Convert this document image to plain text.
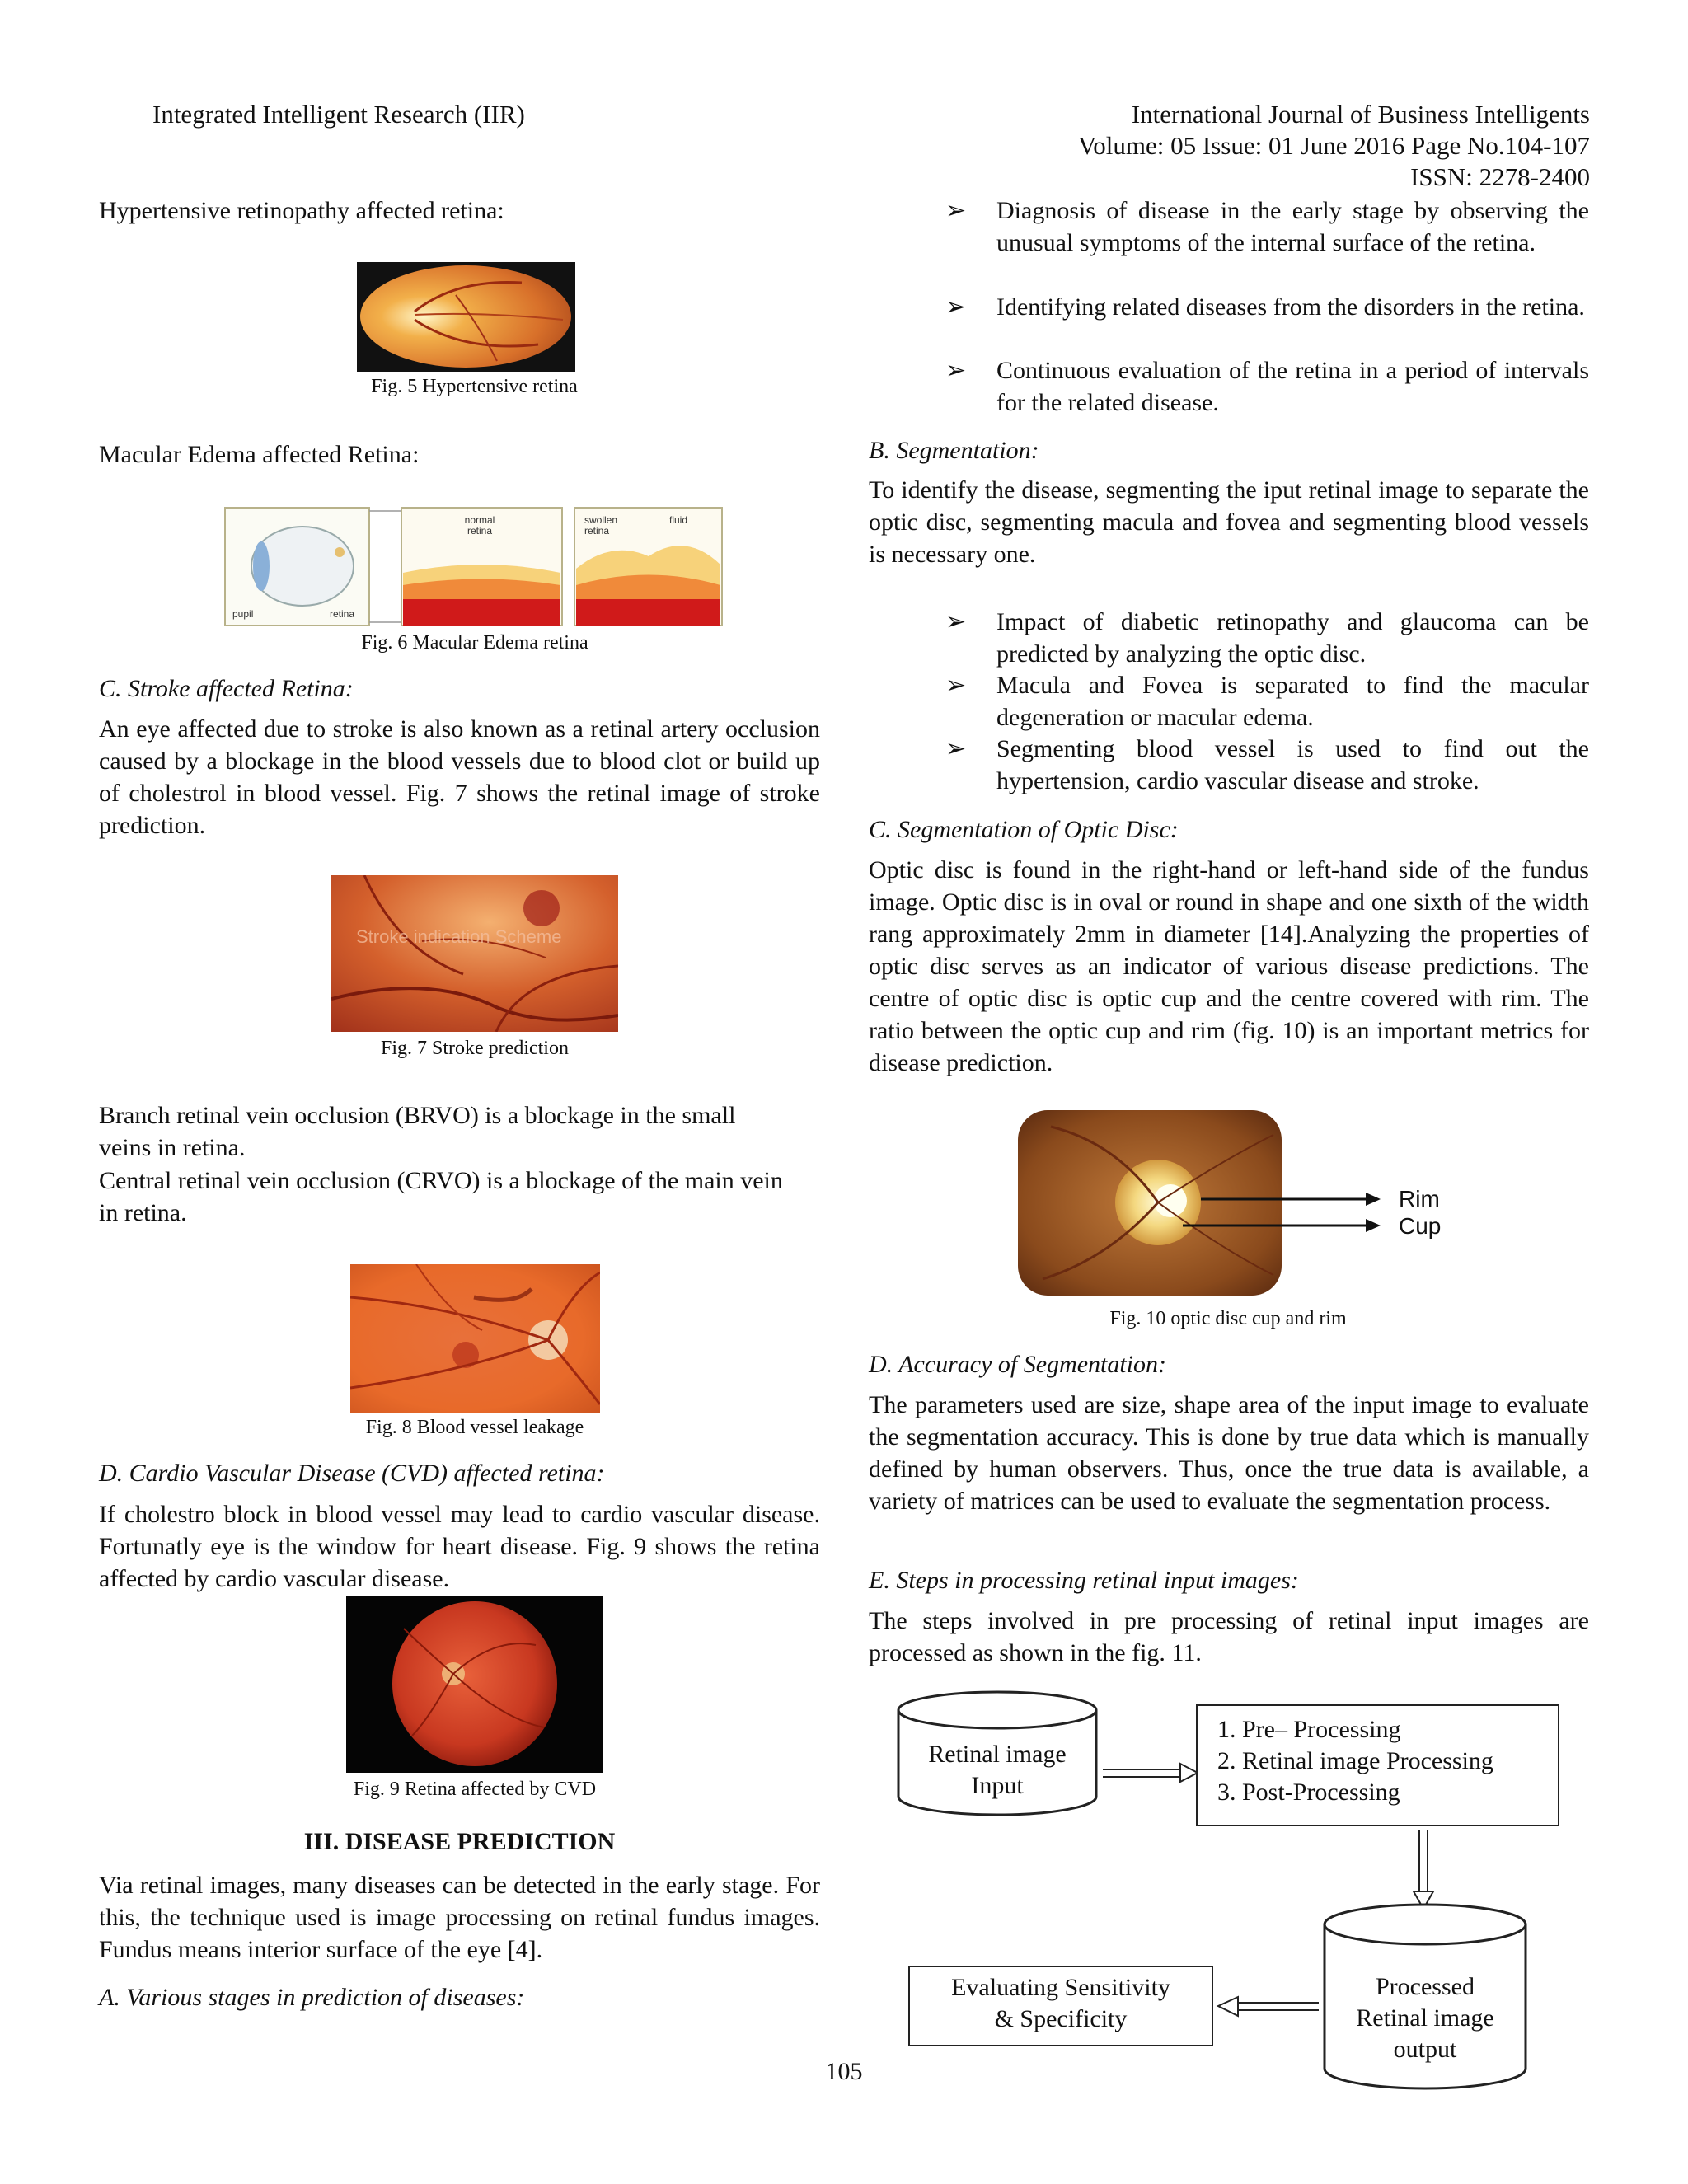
Integrated Intelligent Research (IIR)	International Journal of Business Intelligents
Volume: 05 Issue: 01 June 2016 Page No.104-107
ISSN: 2278-2400
Hypertensive retinopathy affected retina:
Fig. 5 Hypertensive retina
Macular Edema affected Retina:
pupil	retina
normal
retina
swollen
retina
fluid
Fig. 6 Macular Edema retina
C. Stroke affected Retina:
An eye affected due to stroke is also known as a retinal artery occlusion caused by a blockage in the blood vessels due to blood clot or build up of cholestrol in blood vessel. Fig. 7 shows the retinal image of stroke prediction.
Stroke indication Scheme
Fig. 7 Stroke prediction
Branch retinal vein occlusion (BRVO) is a blockage in the small veins in retina.
Central retinal vein occlusion (CRVO) is a blockage of the main vein in retina.
Fig. 8 Blood vessel leakage
D. Cardio Vascular Disease (CVD) affected retina:
If cholestro block in blood vessel may lead to cardio vascular disease. Fortunatly eye is the window for heart disease. Fig. 9 shows the retina affected by cardio vascular disease.
Fig. 9 Retina affected by CVD
III. DISEASE PREDICTION
Via retinal images, many diseases can be detected in the early stage. For this, the technique used is image processing on retinal fundus images. Fundus means interior surface of the eye [4].
A. Various stages in prediction of diseases:
➢ Diagnosis of disease in the early stage by observing the unusual symptoms of the internal surface of the retina.
➢ Identifying related diseases from the disorders in the retina.
➢ Continuous evaluation of the retina in a period of intervals for the related disease.
B. Segmentation:
To identify the disease, segmenting the iput retinal image to separate the optic disc, segmenting macula and fovea and segmenting blood vessels is necessary one.
➢ Impact of diabetic retinopathy and glaucoma can be predicted by analyzing the optic disc.
➢ Macula and Fovea is separated to find the macular degeneration or macular edema.
➢ Segmenting blood vessel is used to find out the hypertension, cardio vascular disease and stroke.
C. Segmentation of Optic Disc:
Optic disc is found in the right-hand or left-hand side of the fundus image. Optic disc is in oval or round in shape and one sixth of the width rang approximately 2mm in diameter [14].Analyzing the properties of optic disc serves as an indicator of various disease predictions. The centre of optic disc is optic cup and the centre covered with rim. The ratio between the optic cup and rim (fig. 10) is an important metrics for disease prediction.
Rim
Cup
Fig. 10 optic disc cup and rim
D. Accuracy of Segmentation:
The parameters used are size, shape area of the input image to evaluate the segmentation accuracy. This is done by true data which is manually defined by human observers. Thus, once the true data is available, a variety of matrices can be used to evaluate the segmentation process.
E. Steps in processing retinal input images:
The steps involved in pre processing of retinal input images are processed as shown in the fig. 11.
Retinal image
Input
1. Pre– Processing
2. Retinal image Processing
3. Post-Processing
Processed
Retinal image
output
Evaluating Sensitivity
& Specificity
105
